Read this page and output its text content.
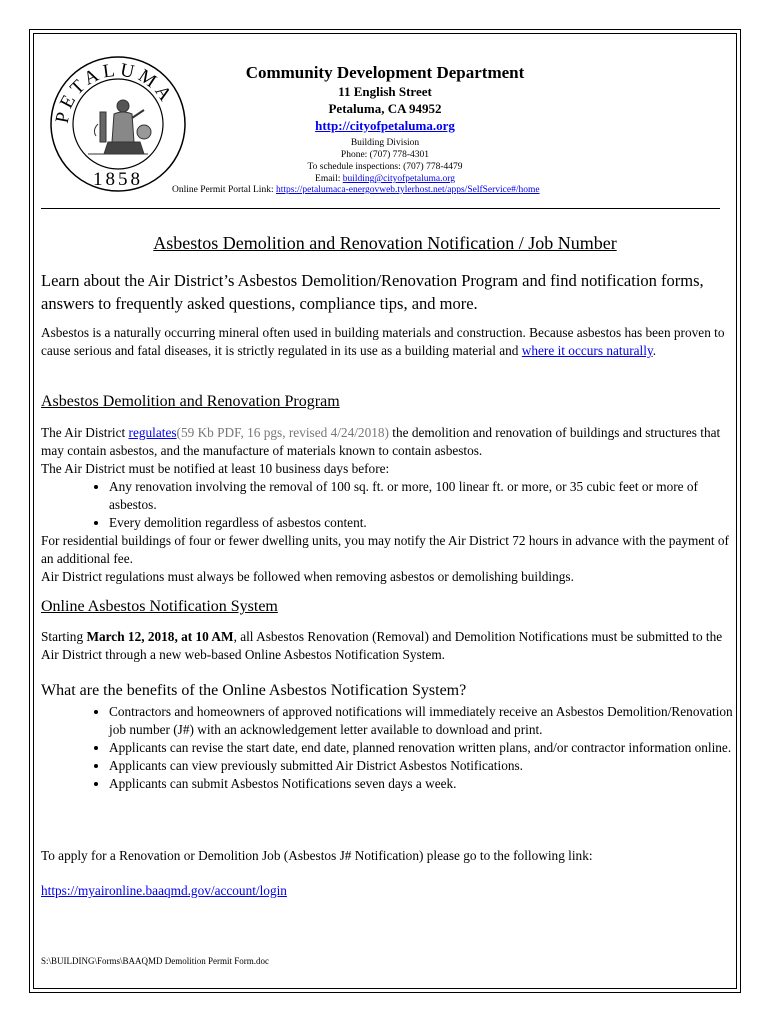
PETALUMA
1858
Community Development Department
11 English Street
Petaluma, CA 94952
http://cityofpetaluma.org
Building Division
Phone: (707) 778-4301
To schedule inspections: (707) 778-4479
Email: building@cityofpetaluma.org
Online Permit Portal Link: https://petalumaca-energovweb.tylerhost.net/apps/SelfService#/home
Asbestos Demolition and Renovation Notification / Job Number
Learn about the Air District’s Asbestos Demolition/Renovation Program and find notification forms, answers to frequently asked questions, compliance tips, and more.
Asbestos is a naturally occurring mineral often used in building materials and construction. Because asbestos has been proven to cause serious and fatal diseases, it is strictly regulated in its use as a building material and where it occurs naturally.
Asbestos Demolition and Renovation Program
The Air District regulates(59 Kb PDF, 16 pgs, revised 4/24/2018) the demolition and renovation of buildings and structures that may contain asbestos, and the manufacture of materials known to contain asbestos.
The Air District must be notified at least 10 business days before:
• Any renovation involving the removal of 100 sq. ft. or more, 100 linear ft. or more, or 35 cubic feet or more of asbestos.
• Every demolition regardless of asbestos content.
For residential buildings of four or fewer dwelling units, you may notify the Air District 72 hours in advance with the payment of an additional fee.
Air District regulations must always be followed when removing asbestos or demolishing buildings.
Online Asbestos Notification System
Starting March 12, 2018, at 10 AM, all Asbestos Renovation (Removal) and Demolition Notifications must be submitted to the Air District through a new web-based Online Asbestos Notification System.
What are the benefits of the Online Asbestos Notification System?
• Contractors and homeowners of approved notifications will immediately receive an Asbestos Demolition/Renovation job number (J#) with an acknowledgement letter available to download and print.
• Applicants can revise the start date, end date, planned renovation written plans, and/or contractor information online.
• Applicants can view previously submitted Air District Asbestos Notifications.
• Applicants can submit Asbestos Notifications seven days a week.
To apply for a Renovation or Demolition Job (Asbestos J# Notification) please go to the following link:
https://myaironline.baaqmd.gov/account/login
S:\BUILDING\Forms\BAAQMD Demolition Permit Form.doc
